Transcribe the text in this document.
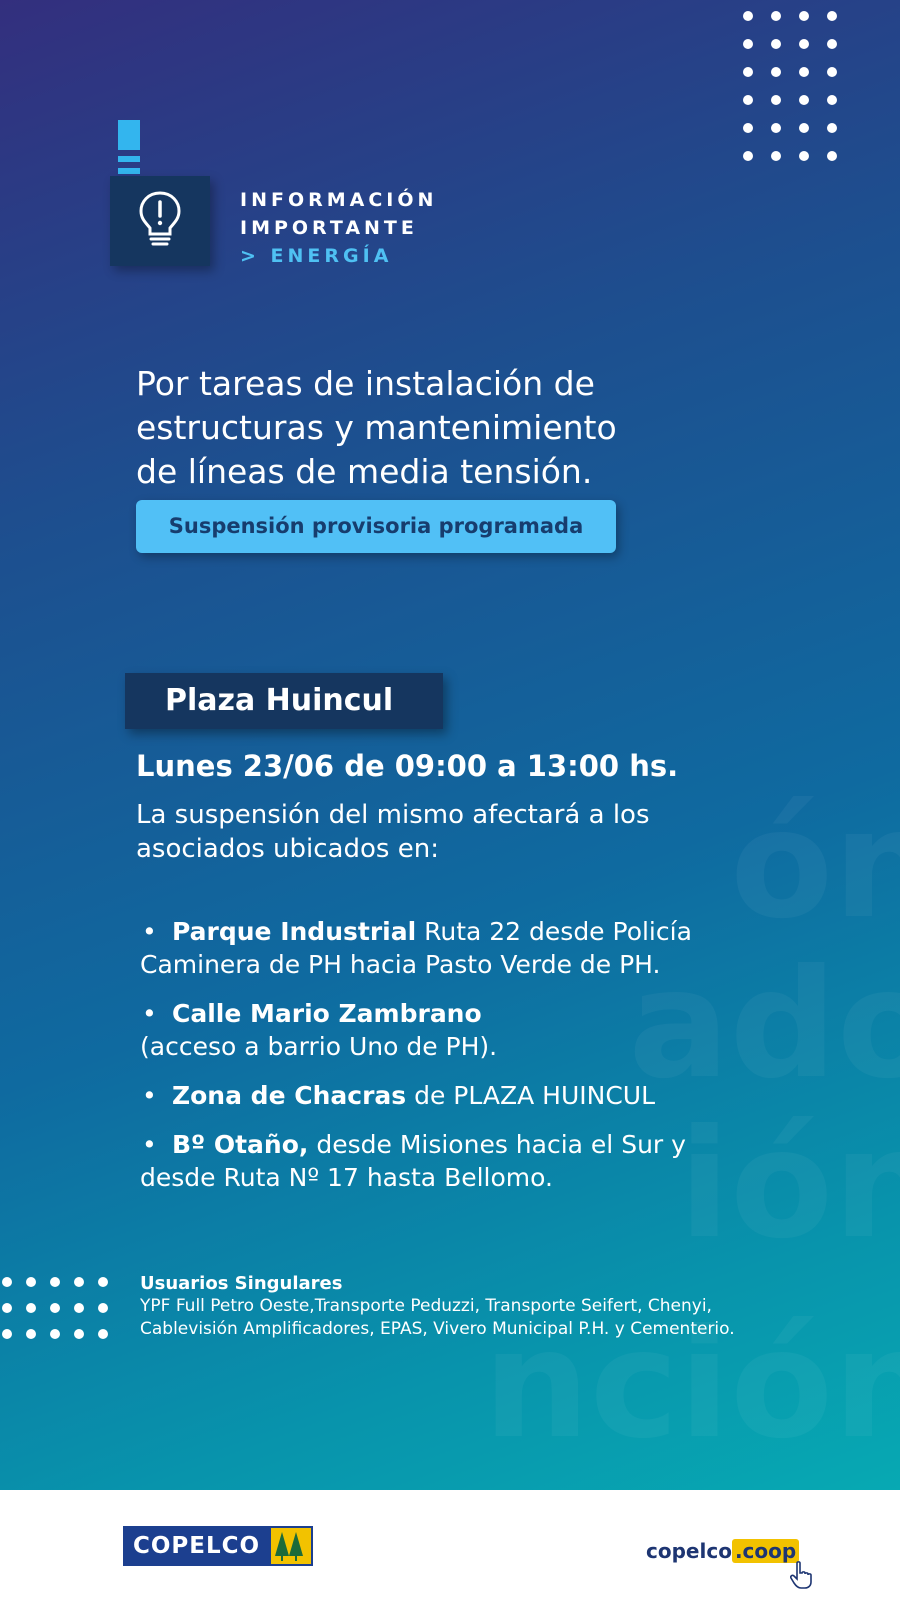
INFORMACIÓN
IMPORTANTE
> ENERGÍA
Por tareas de instalación de
estructuras y mantenimiento
de líneas de media tensión.
Suspensión provisoria programada
Plaza Huincul
Lunes 23/06 de 09:00 a 13:00 hs.
La suspensión del mismo afectará a los
asociados ubicados en:
• Parque Industrial Ruta 22 desde Policía
Caminera de PH hacia Pasto Verde de PH.
• Calle Mario Zambrano
(acceso a barrio Uno de PH).
• Zona de Chacras de PLAZA HUINCUL
• Bº Otaño, desde Misiones hacia el Sur y
desde Ruta Nº 17 hasta Bellomo.
Usuarios Singulares
YPF Full Petro Oeste,Transporte Peduzzi, Transporte Seifert, Chenyi,
Cablevisión Amplificadores, EPAS, Vivero Municipal P.H. y Cementerio.
COPELCO	copelco .coop
